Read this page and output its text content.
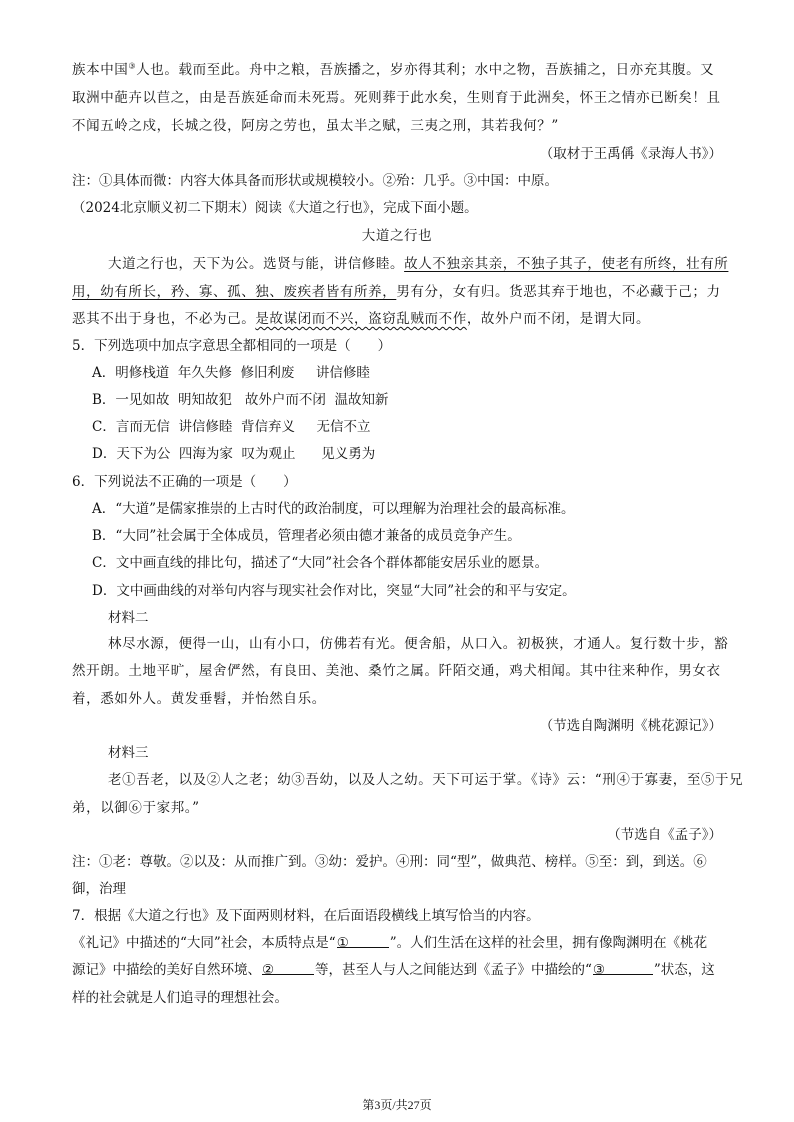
族本中国③人也。载而至此。舟中之粮，吾族播之，岁亦得其利；水中之物，吾族捕之，日亦充其腹。又
取洲中葩卉以苣之，由是吾族延命而未死焉。死则葬于此水矣，生则育于此洲矣，怀王之情亦已断矣！且
不闻五岭之戍，长城之役，阿房之劳也，虽太半之赋，三夷之刑，其若我何？”
（取材于王禹偁《录海人书》）
注：①具体而微：内容大体具备而形状或规模较小。②殆：几乎。③中国：中原。
（2024北京顺义初二下期末）阅读《大道之行也》，完成下面小题。
大道之行也
大道之行也，天下为公。选贤与能，讲信修睦。故人不独亲其亲，不独子其子，使老有所终，壮有所
用，幼有所长，矜、寡、孤、独、废疾者皆有所养，男有分，女有归。货恶其弃于地也，不必藏于己；力
恶其不出于身也，不必为己。是故谋闭而不兴，盗窃乱贼而不作，故外户而不闭，是谓大同。
5．下列选项中加点字意思全都相同的一项是（　　）
A．明修栈道 年久失修 修旧利废 讲信修睦
B．一见如故 明知故犯 故外户而不闭 温故知新
C．言而无信 讲信修睦 背信弃义 无信不立
D．天下为公 四海为家 叹为观止 见义勇为
6．下列说法不正确的一项是（　　）
A．“大道”是儒家推崇的上古时代的政治制度，可以理解为治理社会的最高标准。
B．“大同”社会属于全体成员，管理者必须由德才兼备的成员竞争产生。
C．文中画直线的排比句，描述了“大同”社会各个群体都能安居乐业的愿景。
D．文中画曲线的对举句内容与现实社会作对比，突显“大同”社会的和平与安定。
材料二
林尽水源，便得一山，山有小口，仿佛若有光。便舍船，从口入。初极狭，才通人。复行数十步，豁
然开朗。土地平旷，屋舍俨然，有良田、美池、桑竹之属。阡陌交通，鸡犬相闻。其中往来种作，男女衣
着，悉如外人。黄发垂髫，并怡然自乐。
（节选自陶渊明《桃花源记》）
材料三
老①吾老，以及②人之老；幼③吾幼，以及人之幼。天下可运于掌。《诗》云：“刑④于寡妻，至⑤于兄
弟，以御⑥于家邦。”
（节选自《孟子》）
注：①老：尊敬。②以及：从而推广到。③幼：爱护。④刑：同“型”，做典范、榜样。⑤至：到，到送。⑥
御，治理
7．根据《大道之行也》及下面两则材料，在后面语段横线上填写恰当的内容。
《礼记》中描述的“大同”社会，本质特点是“①	”。人们生活在这样的社会里，拥有像陶渊明在《桃花
源记》中描绘的美好自然环境、②	等，甚至人与人之间能达到《孟子》中描绘的“③	”状态，这
样的社会就是人们追寻的理想社会。
第3页/共27页
